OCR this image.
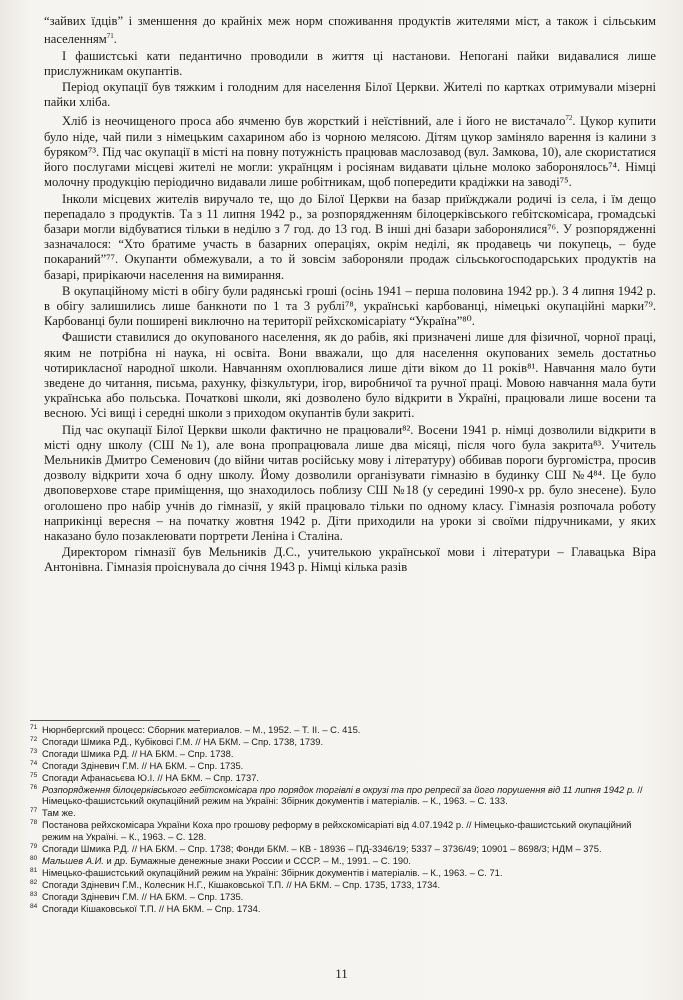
“зайвих їдців” і зменшення до крайніх меж норм споживання продуктів жителями міст, а також і сільським населенням$^{71}$.

І фашистські кати педантично проводили в життя ці настанови. Непогані пайки видавалися лише прислужникам окупантів.

Період окупації був тяжким і голодним для населення Білої Церкви. Жителі по картках отримували мізерні пайки хліба.

Хліб із неочищеного проса або ячменю був жорсткий і неїстівний, але і його не вистачало$^{72}$. Цукор купити було ніде, чай пили з німецьким сахарином або із чорною мелясою. Дітям цукор заміняло варення із калини з буряком⁷³. Під час окупації в місті на повну потужність працював маслозавод (вул. Замкова, 10), але скористатися його послугами місцеві жителі не могли: українцям і росіянам видавати цільне молоко заборонялось⁷⁴. Німці молочну продукцію періодично видавали лише робітникам, щоб попередити крадіжки на заводі⁷⁵.

Інколи місцевих жителів виручало те, що до Білої Церкви на базар приїжджали родичі із села, і їм дещо перепадало з продуктів. Та з 11 липня 1942 р., за розпорядженням білоцерківського гебітскомісара, громадські базари могли відбуватися тільки в неділю з 7 год. до 13 год. В інші дні базари заборонялися⁷⁶. У розпорядженні зазначалося: “Хто братиме участь в базарних операціях, окрім неділі, як продавець чи покупець, – буде покараний”⁷⁷. Окупанти обмежували, а то й зовсім забороняли продаж сільськогосподарських продуктів на базарі, прирікаючи населення на вимирання.

В окупаційному місті в обігу були радянські гроші (осінь 1941 – перша половина 1942 рр.). З 4 липня 1942 р. в обігу залишились лише банкноти по 1 та 3 рублі⁷⁸, українські карбованці, німецькі окупаційні марки⁷⁹. Карбованці були поширені виключно на території рейхскомісаріату “Україна”⁸⁰.

Фашисти ставилися до окупованого населення, як до рабів, які призначені лише для фізичної, чорної праці, яким не потрібна ні наука, ні освіта. Вони вважали, що для населення окупованих земель достатньо чотирикласної народної школи. Навчанням охоплювалися лише діти віком до 11 років⁸¹. Навчання мало бути зведене до читання, письма, рахунку, фізкультури, ігор, виробничої та ручної праці. Мовою навчання мала бути українська або польська. Початкові школи, які дозволено було відкрити в Україні, працювали лише восени та весною. Усі вищі і середні школи з приходом окупантів були закриті.

Під час окупації Білої Церкви школи фактично не працювали⁸². Восени 1941 р. німці дозволили відкрити в місті одну школу (СШ №1), але вона пропрацювала лише два місяці, після чого була закрита⁸³. Учитель Мельників Дмитро Семенович (до війни читав російську мову і літературу) оббивав пороги бургомістра, просив дозволу відкрити хоча б одну школу. Йому дозволили організувати гімназію в будинку СШ №4⁸⁴. Це було двоповерхове старе приміщення, що знаходилось поблизу СШ №18 (у середині 1990-х рр. було знесене). Було оголошено про набір учнів до гімназії, у якій працювало тільки по одному класу. Гімназія розпочала роботу наприкінці вересня – на початку жовтня 1942 р. Діти приходили на уроки зі своїми підручниками, у яких наказано було позаклеювати портрети Леніна і Сталіна.

Директором гімназії був Мельників Д.С., учителькою української мови і літератури – Главацька Віра Антонівна. Гімназія проіснувала до січня 1943 р. Німці кілька разів

71 Нюрнбергский процесс: Сборник материалов. – М., 1952. – Т. ІІ. – С. 415.
72 Спогади Шмика Р.Д., Кубіковсі Г.М. // НА БКМ. – Спр. 1738, 1739.
73 Спогади Шмика Р.Д. // НА БКМ. – Спр. 1738.
74 Спогади Здіневич Г.М. // НА БКМ. – Спр. 1735.
75 Спогади Афанасьєва Ю.І. // НА БКМ. – Спр. 1737.
76 Розпорядження білоцерківського гебітскомісара про порядок торгівлі в окрузі та про репресії за його порушення від 11 липня 1942 р. // Німецько-фашистський окупаційний режим на Україні: Збірник документів і матеріалів. – К., 1963. – С. 133.
77 Там же.
78 Постанова рейхскомісара України Коха про грошову реформу в рейхскомісаріаті від 4.07.1942 р. // Німецько-фашистський окупаційний режим на Україні. – К., 1963. – С. 128.
79 Спогади Шмика Р.Д. // НА БКМ. – Спр. 1738; Фонди БКМ. – КВ - 18936 – ПД-3346/19; 5337 – 3736/49; 10901 – 8698/3; НДМ – 375.
80 Мальшев А.И. и др. Бумажные денежные знаки России и СССР. – М., 1991. – С. 190.
81 Німецько-фашистський окупаційний режим на Україні: Збірник документів і матеріалів. – К., 1963. – С. 71.
82 Спогади Здіневич Г.М., Колесник Н.Г., Кішаковської Т.П. // НА БКМ. – Спр. 1735, 1733, 1734.
83 Спогади Здіневич Г.М. // НА БКМ. – Спр. 1735.
84 Спогади Кішаковської Т.П. // НА БКМ. – Спр. 1734.
11
